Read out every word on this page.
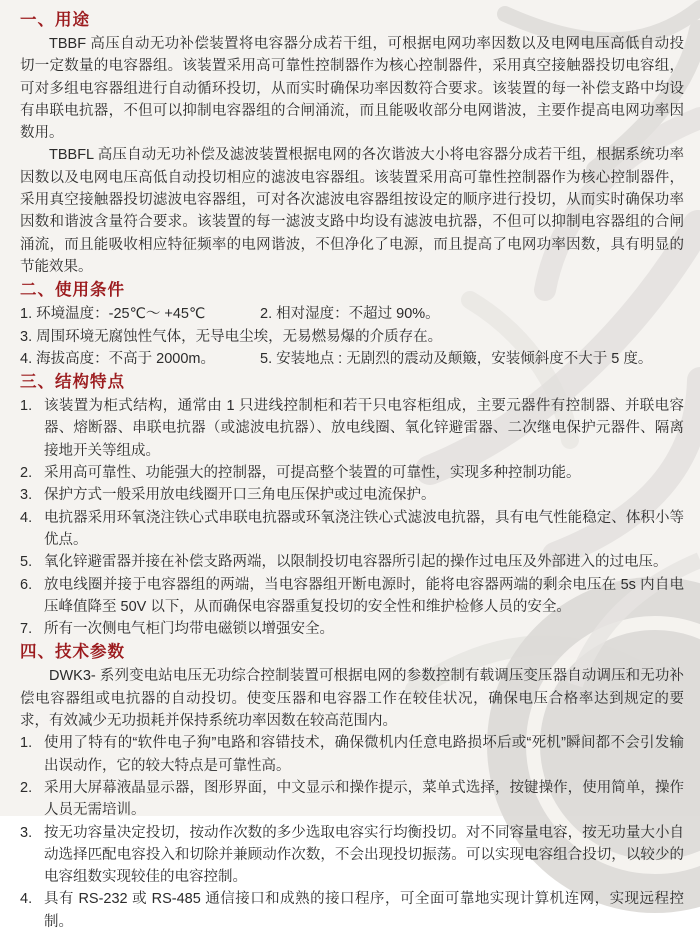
一、用途

TBBF 高压自动无功补偿装置将电容器分成若干组，可根据电网功率因数以及电网电压高低自动投切一定数量的电容器组。该装置采用高可靠性控制器作为核心控制器件，采用真空接触器投切电容组，可对多组电容器组进行自动循环投切，从而实时确保功率因数符合要求。该装置的每一补偿支路中均设有串联电抗器，不但可以抑制电容器组的合闸涌流，而且能吸收部分电网谐波，主要作提高电网功率因数用。

TBBFL 高压自动无功补偿及滤波装置根据电网的各次谐波大小将电容器分成若干组，根据系统功率因数以及电网电压高低自动投切相应的滤波电容器组。该装置采用高可靠性控制器作为核心控制器件，采用真空接触器投切滤波电容器组，可对各次滤波电容器组按设定的顺序进行投切，从而实时确保功率因数和谐波含量符合要求。该装置的每一滤波支路中均设有滤波电抗器，不但可以抑制电容器组的合闸涌流，而且能吸收相应特征频率的电网谐波，不但净化了电源，而且提高了电网功率因数，具有明显的节能效果。

二、使用条件
1. 环境温度：-25℃～ +45℃	2. 相对湿度：不超过 90%。
3. 周围环境无腐蚀性气体，无导电尘埃，无易燃易爆的介质存在。
4. 海拔高度：不高于 2000m。	5. 安装地点 : 无剧烈的震动及颠簸，安装倾斜度不大于 5 度。
三、结构特点
1. 该装置为柜式结构，通常由 1 只进线控制柜和若干只电容柜组成，主要元器件有控制器、并联电容器、熔断器、串联电抗器（或滤波电抗器）、放电线圈、氧化锌避雷器、二次继电保护元器件、隔离接地开关等组成。
2. 采用高可靠性、功能强大的控制器，可提高整个装置的可靠性，实现多种控制功能。
3. 保护方式一般采用放电线圈开口三角电压保护或过电流保护。
4. 电抗器采用环氧浇注铁心式串联电抗器或环氧浇注铁心式滤波电抗器，具有电气性能稳定、体积小等优点。
5. 氧化锌避雷器并接在补偿支路两端，以限制投切电容器所引起的操作过电压及外部进入的过电压。
6. 放电线圈并接于电容器组的两端，当电容器组开断电源时，能将电容器两端的剩余电压在 5s 内自电压峰值降至 50V 以下，从而确保电容器重复投切的安全性和维护检修人员的安全。
7. 所有一次侧电气柜门均带电磁锁以增强安全。
四、技术参数

DWK3- 系列变电站电压无功综合控制装置可根据电网的参数控制有载调压变压器自动调压和无功补偿电容器组或电抗器的自动投切。使变压器和电容器工作在较佳状况，确保电压合格率达到规定的要求，有效减少无功损耗并保持系统功率因数在较高范围内。

1. 使用了特有的“软件电子狗”电路和容错技术，确保微机内任意电路损坏后或“死机”瞬间都不会引发输出误动作，它的较大特点是可靠性高。
2. 采用大屏幕液晶显示器，图形界面，中文显示和操作提示，菜单式选择，按键操作，使用简单，操作人员无需培训。
3. 按无功容量决定投切，按动作次数的多少选取电容实行均衡投切。对不同容量电容，按无功量大小自动选择匹配电容投入和切除并兼顾动作次数，不会出现投切振荡。可以实现电容组合投切，以较少的电容组数实现较佳的电容控制。
4. 具有 RS-232 或 RS-485 通信接口和成熟的接口程序，可全面可靠地实现计算机连网，实现远程控制。
